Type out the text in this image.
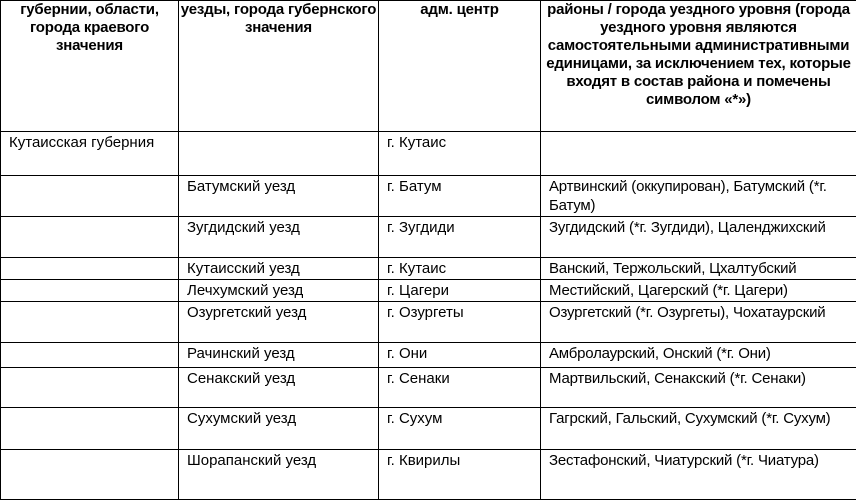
губернии, области, города краевого значения	уезды, города губернского значения	адм. центр	районы / города уездного уровня (города уездного уровня являются самостоятельными административными единицами, за исключением тех, которые входят в состав района и помечены символом «*»)
Кутаисская губерния		г. Кутаис	
	Батумский уезд	г. Батум	Артвинский (оккупирован), Батумский (*г. Батум)
	Зугдидский уезд	г. Зугдиди	Зугдидский (*г. Зугдиди), Цаленджихский
	Кутаисский уезд	г. Кутаис	Ванский, Тержольский, Цхалтубский
	Лечхумский уезд	г. Цагери	Местийский, Цагерский (*г. Цагери)
	Озургетский уезд	г. Озургеты	Озургетский (*г. Озургеты), Чохатаурский
	Рачинский уезд	г. Они	Амбролаурский, Онский (*г. Они)
	Сенакский уезд	г. Сенаки	Мартвильский, Сенакский (*г. Сенаки)
	Сухумский уезд	г. Сухум	Гагрский, Гальский, Сухумский (*г. Сухум)
	Шорапанский уезд	г. Квирилы	Зестафонский, Чиатурский (*г. Чиатура)
